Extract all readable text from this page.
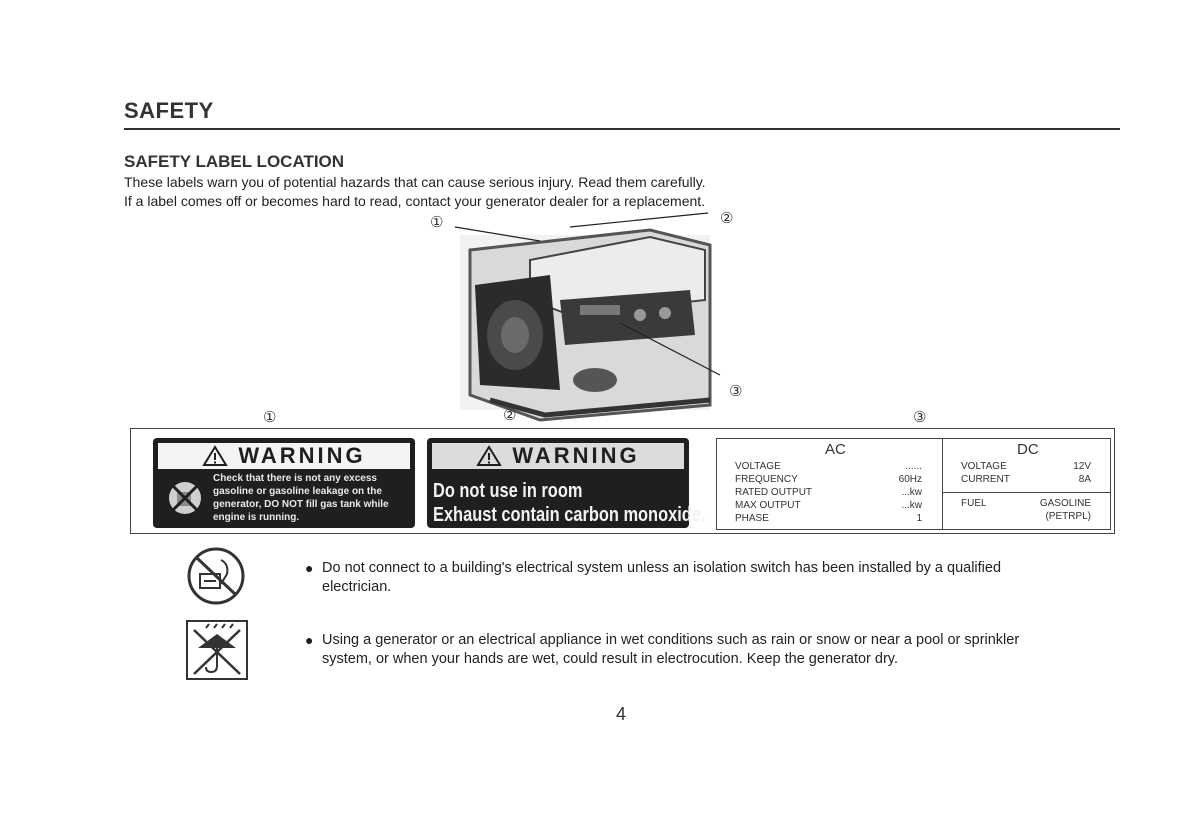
SAFETY
SAFETY LABEL LOCATION
These labels warn you of potential hazards that can cause serious injury. Read them carefully.
If a label comes off or becomes hard to read, contact your generator dealer for a replacement.
①	②
③
①	②	③
WARNING
Check that there is not any excess
gasoline or gasoline leakage on the
generator, DO NOT fill gas tank while
engine is running.
WARNING
Do not use in room
Exhaust contain carbon monoxide.
AC
VOLTAGE	......
FREQUENCY	60Hz
RATED OUTPUT	...kw
MAX OUTPUT	...kw
PHASE	1
DC
VOLTAGE	12V
CURRENT	8A
FUEL	GASOLINE
(PETRPL)
● Do not connect to a building's electrical system unless an isolation switch has been installed by a qualified
electrician.
● Using a generator or an electrical appliance in wet conditions such as rain or snow or near a pool or sprinkler
system, or when your hands are wet, could result in electrocution. Keep the generator dry.
4
